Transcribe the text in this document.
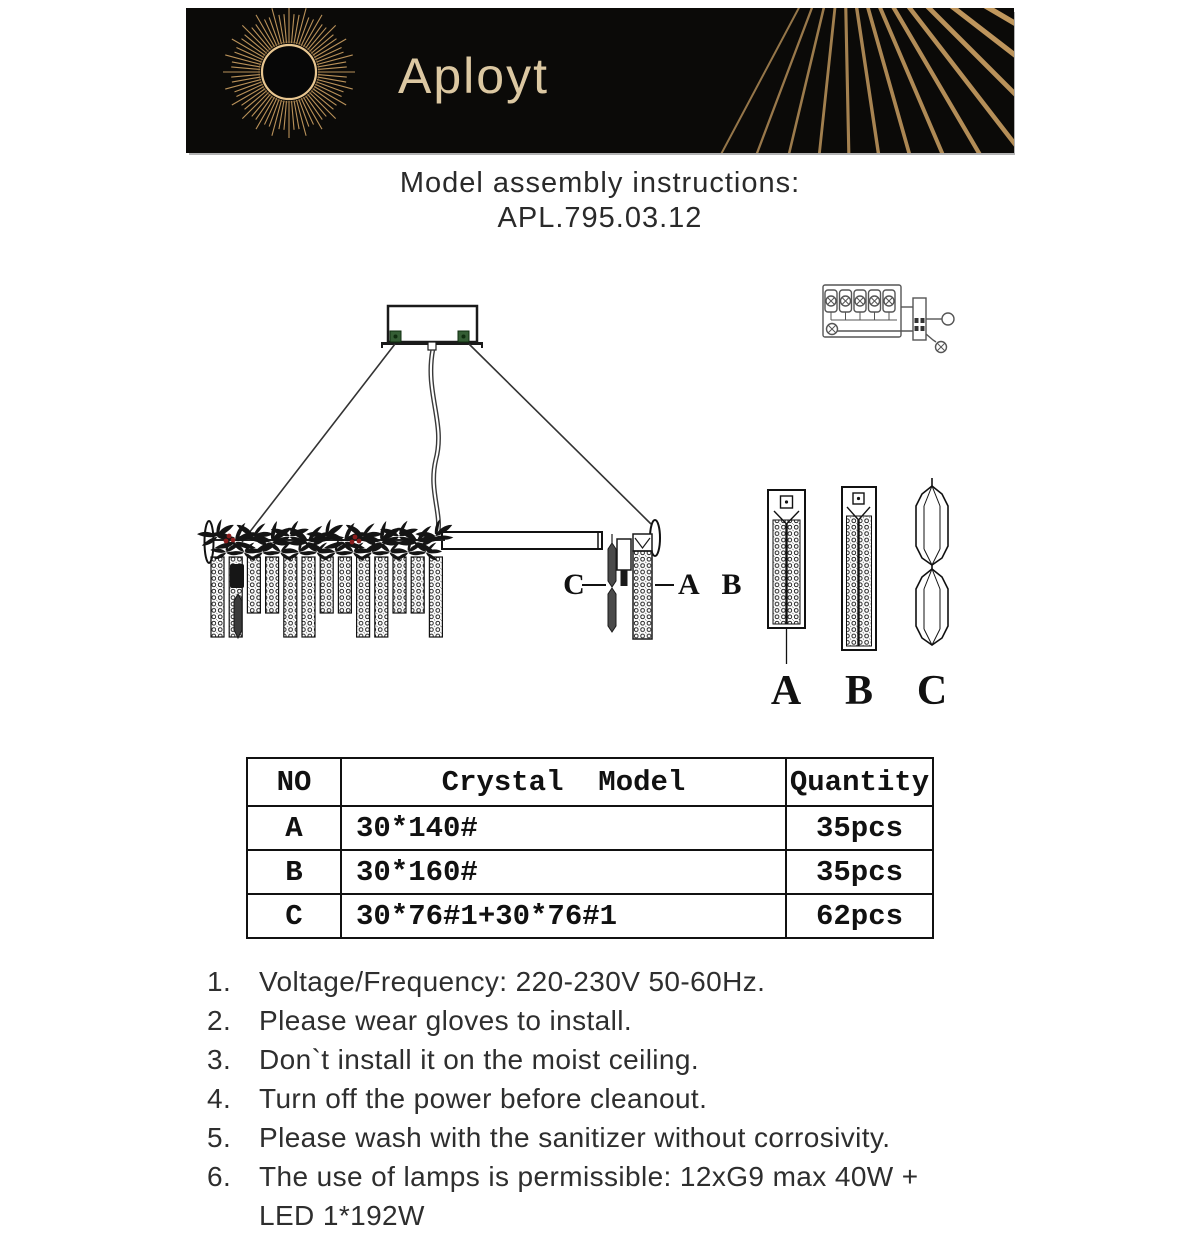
Aployt
Model assembly instructions:
APL.795.03.12
C	A B
A B C
NO	Crystal  Model	Quantity
A	30*140#	35pcs
B	30*160#	35pcs
C	30*76#1+30*76#1	62pcs
1. Voltage/Frequency: 220-230V 50-60Hz.
2. Please wear gloves to install.
3. Don`t install it on the moist ceiling.
4. Turn off the power before cleanout.
5. Please wash with the sanitizer without corrosivity.
6. The use of lamps is permissible: 12xG9 max 40W + LED 1*192W
